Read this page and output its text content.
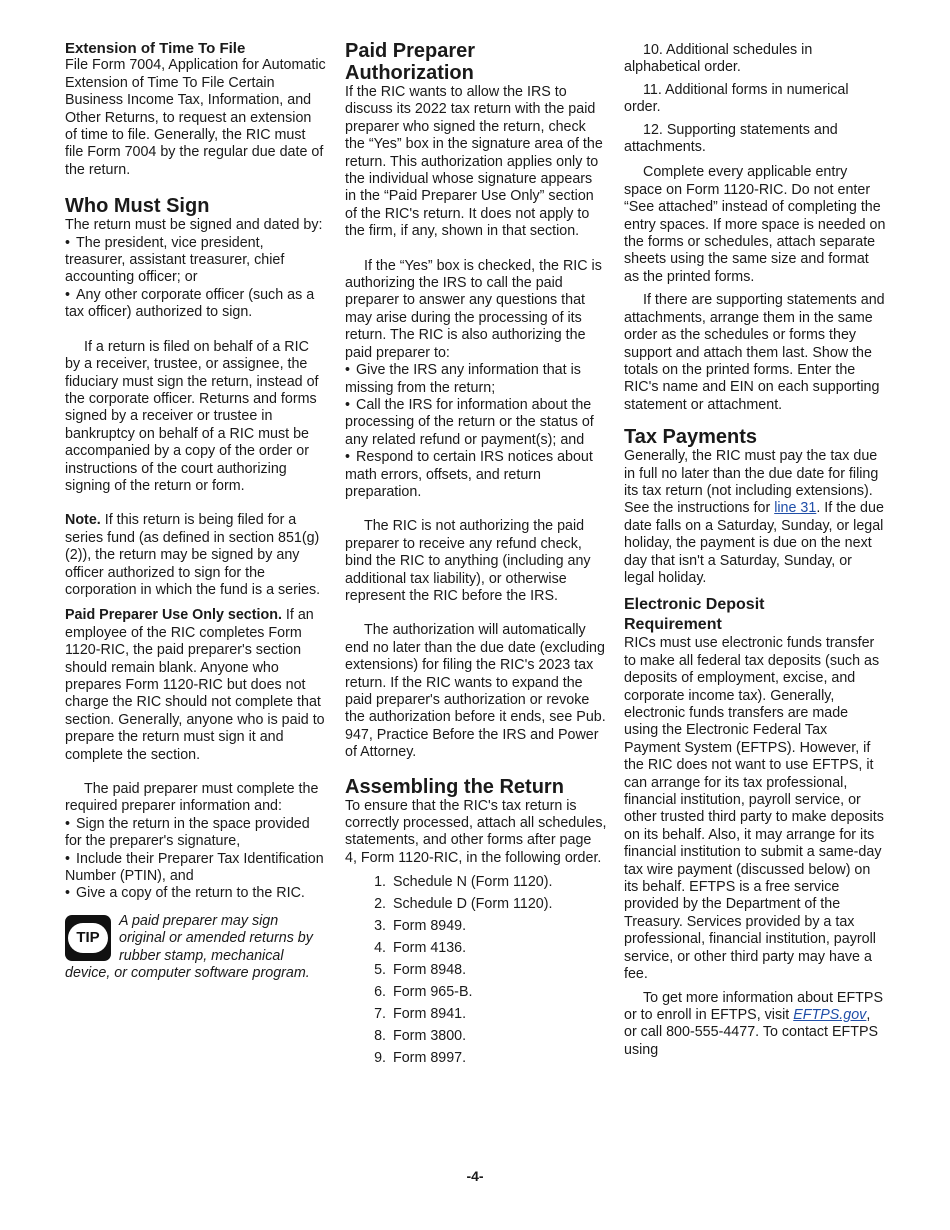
Extension of Time To File

File Form 7004, Application for Automatic Extension of Time To File Certain Business Income Tax, Information, and Other Returns, to request an extension of time to file. Generally, the RIC must file Form 7004 by the regular due date of the return.

Who Must Sign

The return must be signed and dated by:

• The president, vice president, treasurer, assistant treasurer, chief accounting officer; or

• Any other corporate officer (such as a tax officer) authorized to sign.

If a return is filed on behalf of a RIC by a receiver, trustee, or assignee, the fiduciary must sign the return, instead of the corporate officer. Returns and forms signed by a receiver or trustee in bankruptcy on behalf of a RIC must be accompanied by a copy of the order or instructions of the court authorizing signing of the return or form.

Note. If this return is being filed for a series fund (as defined in section 851(g)(2)), the return may be signed by any officer authorized to sign for the corporation in which the fund is a series.

Paid Preparer Use Only section. If an employee of the RIC completes Form 1120-RIC, the paid preparer's section should remain blank. Anyone who prepares Form 1120-RIC but does not charge the RIC should not complete that section. Generally, anyone who is paid to prepare the return must sign it and complete the section.

The paid preparer must complete the required preparer information and:

• Sign the return in the space provided for the preparer's signature,

• Include their Preparer Tax Identification Number (PTIN), and

• Give a copy of the return to the RIC.

TIP

A paid preparer may sign original or amended returns by rubber stamp, mechanical device, or computer software program.

Paid Preparer Authorization

If the RIC wants to allow the IRS to discuss its 2022 tax return with the paid preparer who signed the return, check the “Yes” box in the signature area of the return. This authorization applies only to the individual whose signature appears in the “Paid Preparer Use Only” section of the RIC's return. It does not apply to the firm, if any, shown in that section.

If the “Yes” box is checked, the RIC is authorizing the IRS to call the paid preparer to answer any questions that may arise during the processing of its return. The RIC is also authorizing the paid preparer to:

• Give the IRS any information that is missing from the return;

• Call the IRS for information about the processing of the return or the status of any related refund or payment(s); and

• Respond to certain IRS notices about math errors, offsets, and return preparation.

The RIC is not authorizing the paid preparer to receive any refund check, bind the RIC to anything (including any additional tax liability), or otherwise represent the RIC before the IRS.

The authorization will automatically end no later than the due date (excluding extensions) for filing the RIC's 2023 tax return. If the RIC wants to expand the paid preparer's authorization or revoke the authorization before it ends, see Pub. 947, Practice Before the IRS and Power of Attorney.

Assembling the Return

To ensure that the RIC's tax return is correctly processed, attach all schedules, statements, and other forms after page 4, Form 1120-RIC, in the following order.

1. Schedule N (Form 1120).
2. Schedule D (Form 1120).
3. Form 8949.
4. Form 4136.
5. Form 8948.
6. Form 965-B.
7. Form 8941.
8. Form 3800.
9. Form 8997.

10. Additional schedules in alphabetical order.

11. Additional forms in numerical order.

12. Supporting statements and attachments.

Complete every applicable entry space on Form 1120-RIC. Do not enter “See attached” instead of completing the entry spaces. If more space is needed on the forms or schedules, attach separate sheets using the same size and format as the printed forms.

If there are supporting statements and attachments, arrange them in the same order as the schedules or forms they support and attach them last. Show the totals on the printed forms. Enter the RIC's name and EIN on each supporting statement or attachment.

Tax Payments

Generally, the RIC must pay the tax due in full no later than the due date for filing its tax return (not including extensions). See the instructions for line 31. If the due date falls on a Saturday, Sunday, or legal holiday, the payment is due on the next day that isn't a Saturday, Sunday, or legal holiday.

Electronic Deposit Requirement

RICs must use electronic funds transfer to make all federal tax deposits (such as deposits of employment, excise, and corporate income tax). Generally, electronic funds transfers are made using the Electronic Federal Tax Payment System (EFTPS). However, if the RIC does not want to use EFTPS, it can arrange for its tax professional, financial institution, payroll service, or other trusted third party to make deposits on its behalf. Also, it may arrange for its financial institution to submit a same-day tax wire payment (discussed below) on its behalf. EFTPS is a free service provided by the Department of the Treasury. Services provided by a tax professional, financial institution, payroll service, or other third party may have a fee.

To get more information about EFTPS or to enroll in EFTPS, visit EFTPS.gov, or call 800-555-4477. To contact EFTPS using

-4-
